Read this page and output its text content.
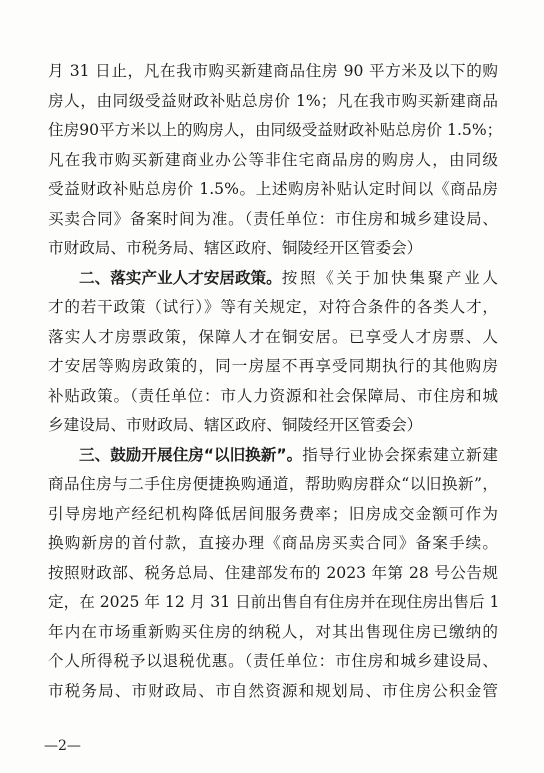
月 31 日止，凡在我市购买新建商品住房 90 平方米及以下的购
房人，由同级受益财政补贴总房价 1%；凡在我市购买新建商品
住房90平方米以上的购房人，由同级受益财政补贴总房价 1.5%；
凡在我市购买新建商业办公等非住宅商品房的购房人，由同级
受益财政补贴总房价 1.5%。上述购房补贴认定时间以《商品房
买卖合同》备案时间为准。（责任单位：市住房和城乡建设局、
市财政局、市税务局、辖区政府、铜陵经开区管委会）
二、落实产业人才安居政策。 按照《关于加快集聚产业人
才的若干政策（试行）》等有关规定，对符合条件的各类人才，
落实人才房票政策，保障人才在铜安居。已享受人才房票、人
才安居等购房政策的，同一房屋不再享受同期执行的其他购房
补贴政策。（责任单位：市人力资源和社会保障局、市住房和城
乡建设局、市财政局、辖区政府、铜陵经开区管委会）
三、鼓励开展住房“以旧换新”。 指导行业协会探索建立新建
商品住房与二手住房便捷换购通道，帮助购房群众“以旧换新”，
引导房地产经纪机构降低居间服务费率；旧房成交金额可作为
换购新房的首付款，直接办理《商品房买卖合同》备案手续。
按照财政部、税务总局、住建部发布的 2023 年第 28 号公告规
定，在 2025 年 12 月 31 日前出售自有住房并在现住房出售后 1
年内在市场重新购买住房的纳税人，对其出售现住房已缴纳的
个人所得税予以退税优惠。（责任单位：市住房和城乡建设局、
市税务局、市财政局、市自然资源和规划局、市住房公积金管
—2—
